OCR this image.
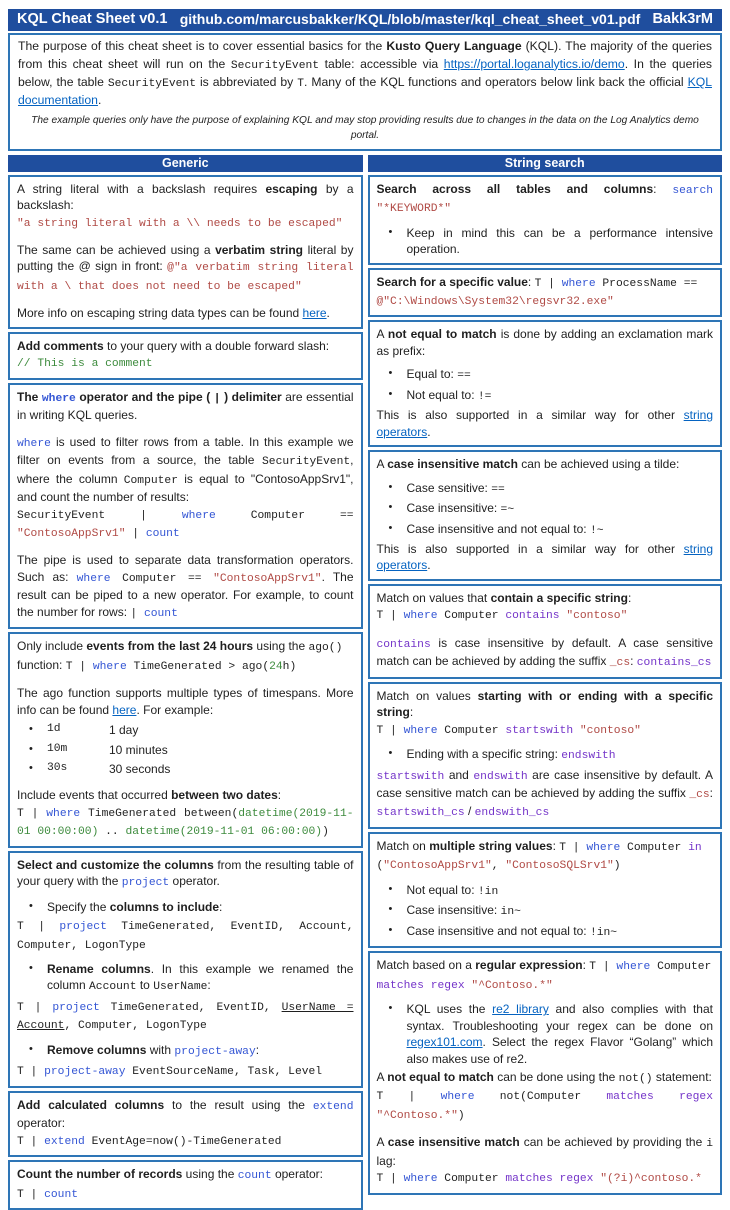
KQL Cheat Sheet v0.1 github.com/marcusbakker/KQL/blob/master/kql_cheat_sheet_v01.pdf Bakk3rM
The purpose of this cheat sheet is to cover essential basics for the Kusto Query Language (KQL). The majority of the queries from this cheat sheet will run on the SecurityEvent table: accessible via https://portal.loganalytics.io/demo. In the queries below, the table SecurityEvent is abbreviated by T. Many of the KQL functions and operators below link back the official KQL documentation.
The example queries only have the purpose of explaining KQL and may stop providing results due to changes in the data on the Log Analytics demo portal.
Generic
A string literal with a backslash requires escaping by a backslash:
"a string literal with a \\ needs to be escaped"
The same can be achieved using a verbatim string literal by putting the @ sign in front: @"a verbatim string literal with a \ that does not need to be escaped"
More info on escaping string data types can be found here.
Add comments to your query with a double forward slash:
// This is a comment
The where operator and the pipe ( | ) delimiter are essential in writing KQL queries.
where is used to filter rows from a table. In this example we filter on events from a source, the table SecurityEvent, where the column Computer is equal to "ContosoAppSrv1", and count the number of results:
SecurityEvent | where Computer == "ContosoAppSrv1" | count
The pipe is used to separate data transformation operators. Such as: where Computer == "ContosoAppSrv1". The result can be piped to a new operator. For example, to count the number for rows: | count
Only include events from the last 24 hours using the ago()
function: T | where TimeGenerated > ago(24h)
The ago function supports multiple types of timespans. More info can be found here. For example:
•	1d	1 day
•	10m	10 minutes
•	30s	30 seconds
Include events that occurred between two dates:
T | where TimeGenerated between(datetime(2019-11-01 00:00:00) .. datetime(2019-11-01 06:00:00))
Select and customize the columns from the resulting table of your query with the project operator.
•	Specify the columns to include:
T | project TimeGenerated, EventID, Account, Computer, LogonType
•	Rename columns. In this example we renamed the column Account to UserName:
T | project TimeGenerated, EventID, UserName = Account, Computer, LogonType
•	Remove columns with project-away:
T | project-away EventSourceName, Task, Level
Add calculated columns to the result using the extend operator:
T | extend EventAge=now()-TimeGenerated
Count the number of records using the count operator:
T | count
String search
Search across all tables and columns: search "*KEYWORD*"
•	Keep in mind this can be a performance intensive operation.
Search for a specific value: T | where ProcessName ==
@"C:\Windows\System32\regsvr32.exe"
A not equal to match is done by adding an exclamation mark as prefix:
•	Equal to: ==
•	Not equal to: !=
This is also supported in a similar way for other string operators.
A case insensitive match can be achieved using a tilde:
•	Case sensitive: ==
•	Case insensitive: =~
•	Case insensitive and not equal to: !~
This is also supported in a similar way for other string operators.
Match on values that contain a specific string:
T | where Computer contains "contoso"
contains is case insensitive by default. A case sensitive match can be achieved by adding the suffix _cs: contains_cs
Match on values starting with or ending with a specific string:
T | where Computer startswith "contoso"
•	Ending with a specific string: endswith
startswith and endswith are case insensitive by default. A case sensitive match can be achieved by adding the suffix _cs: startswith_cs / endswith_cs
Match on multiple string values: T | where Computer in
("ContosoAppSrv1", "ContosoSQLSrv1")
•	Not equal to: !in
•	Case insensitive: in~
•	Case insensitive and not equal to: !in~
Match based on a regular expression: T | where Computer
matches regex "^Contoso.*"
•	KQL uses the re2 library and also complies with that syntax. Troubleshooting your regex can be done on regex101.com. Select the regex Flavor “Golang” which also makes use of re2.
A not equal to match can be done using the not() statement:
T | where not(Computer matches regex "^Contoso.*")
A case insensitive match can be achieved by providing the i lag:
T | where Computer matches regex "(?i)^contoso.*
